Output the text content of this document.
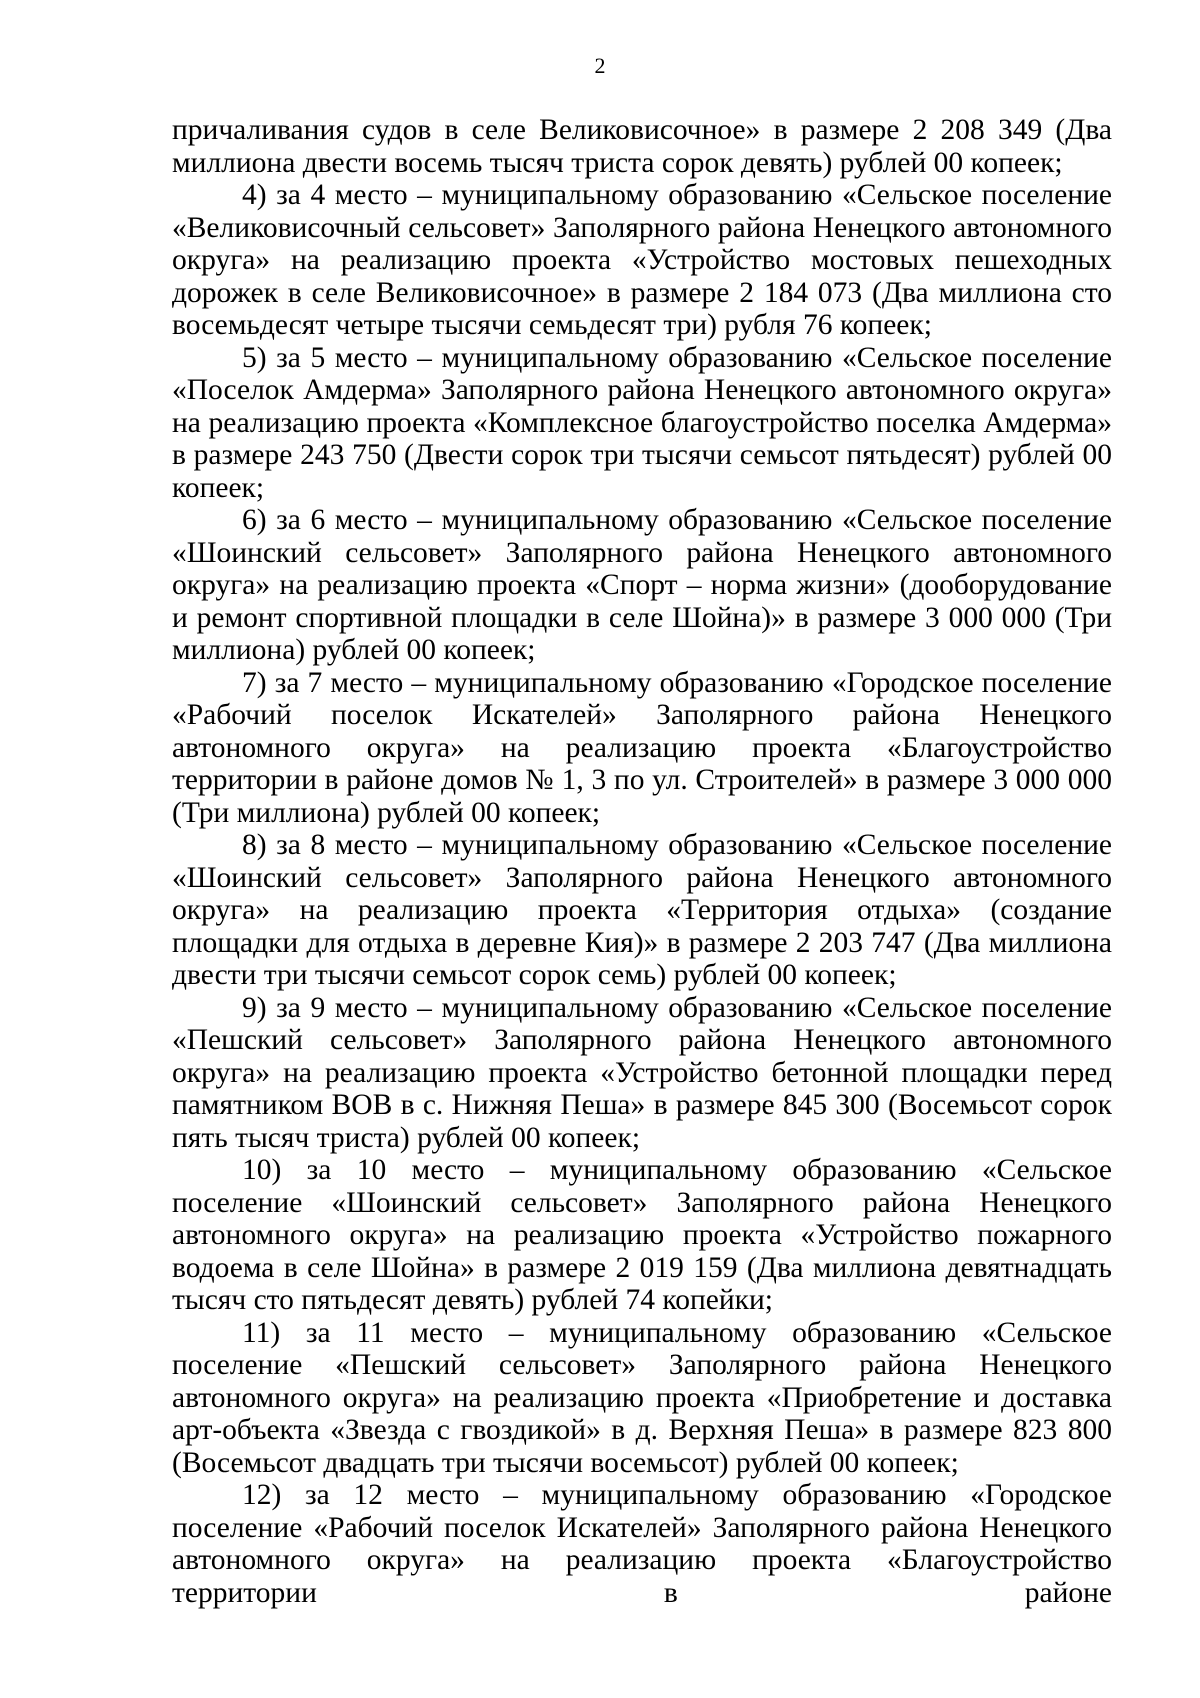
2

причаливания судов в селе Великовисочное» в размере 2 208 349 (Два миллиона двести восемь тысяч триста сорок девять) рублей 00 копеек;

4) за 4 место – муниципальному образованию «Сельское поселение «Великовисочный сельсовет» Заполярного района Ненецкого автономного округа» на реализацию проекта «Устройство мостовых пешеходных дорожек в селе Великовисочное» в размере 2 184 073 (Два миллиона сто восемьдесят четыре тысячи семьдесят три) рубля 76 копеек;

5) за 5 место – муниципальному образованию «Сельское поселение «Поселок Амдерма» Заполярного района Ненецкого автономного округа» на реализацию проекта «Комплексное благоустройство поселка Амдерма» в размере 243 750 (Двести сорок три тысячи семьсот пятьдесят) рублей 00 копеек;

6) за 6 место – муниципальному образованию «Сельское поселение «Шоинский сельсовет» Заполярного района Ненецкого автономного округа» на реализацию проекта «Спорт – норма жизни» (дооборудование и ремонт спортивной площадки в селе Шойна)» в размере 3 000 000 (Три миллиона) рублей 00 копеек;

7) за 7 место – муниципальному образованию «Городское поселение «Рабочий поселок Искателей» Заполярного района Ненецкого автономного округа» на реализацию проекта «Благоустройство территории в районе домов № 1, 3 по ул. Строителей» в размере 3 000 000 (Три миллиона) рублей 00 копеек;

8) за 8 место – муниципальному образованию «Сельское поселение «Шоинский сельсовет» Заполярного района Ненецкого автономного округа» на реализацию проекта «Территория отдыха» (создание площадки для отдыха в деревне Кия)» в размере 2 203 747 (Два миллиона двести три тысячи семьсот сорок семь) рублей 00 копеек;

9) за 9 место – муниципальному образованию «Сельское поселение «Пешский сельсовет» Заполярного района Ненецкого автономного округа» на реализацию проекта «Устройство бетонной площадки перед памятником ВОВ в с. Нижняя Пеша» в размере 845 300 (Восемьсот сорок пять тысяч триста) рублей 00 копеек;

10) за 10 место – муниципальному образованию «Сельское поселение «Шоинский сельсовет» Заполярного района Ненецкого автономного округа» на реализацию проекта «Устройство пожарного водоема в селе Шойна» в размере 2 019 159 (Два миллиона девятнадцать тысяч сто пятьдесят девять) рублей 74 копейки;

11) за 11 место – муниципальному образованию «Сельское поселение «Пешский сельсовет» Заполярного района Ненецкого автономного округа» на реализацию проекта «Приобретение и доставка арт-объекта «Звезда с гвоздикой» в д. Верхняя Пеша» в размере 823 800 (Восемьсот двадцать три тысячи восемьсот) рублей 00 копеек;

12) за 12 место – муниципальному образованию «Городское поселение «Рабочий поселок Искателей» Заполярного района Ненецкого автономного округа» на реализацию проекта «Благоустройство территории в районе
